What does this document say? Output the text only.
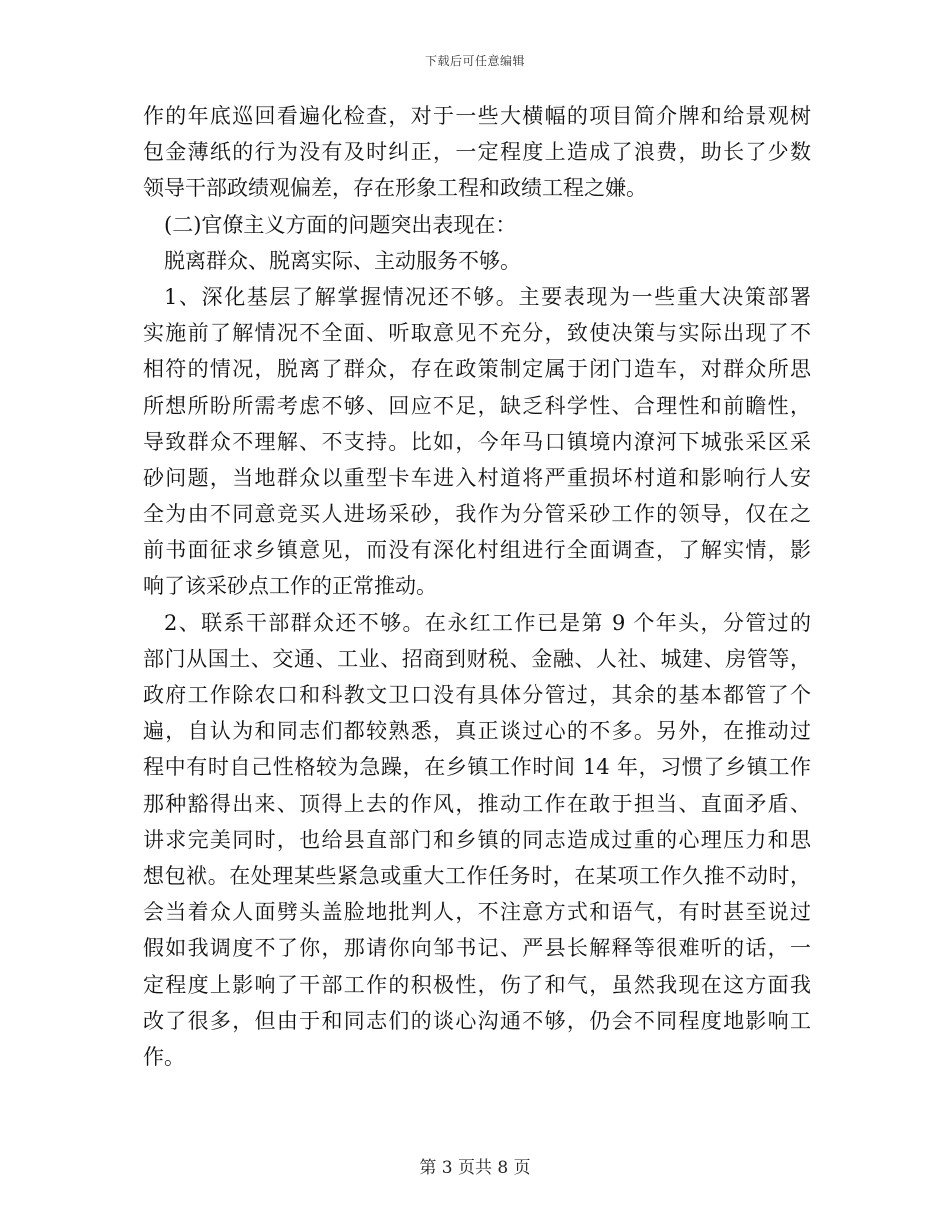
下载后可任意编辑
作的年底巡回看遍化检查，对于一些大横幅的项目简介牌和给景观树
包金薄纸的行为没有及时纠正，一定程度上造成了浪费，助长了少数
领导干部政绩观偏差，存在形象工程和政绩工程之嫌。
(二)官僚主义方面的问题突出表现在：
脱离群众、脱离实际、主动服务不够。
1、深化基层了解掌握情况还不够。主要表现为一些重大决策部署
实施前了解情况不全面、听取意见不充分，致使决策与实际出现了不
相符的情况，脱离了群众，存在政策制定属于闭门造车，对群众所思
所想所盼所需考虑不够、回应不足，缺乏科学性、合理性和前瞻性，
导致群众不理解、不支持。比如，今年马口镇境内潦河下城张采区采
砂问题，当地群众以重型卡车进入村道将严重损坏村道和影响行人安
全为由不同意竞买人进场采砂，我作为分管采砂工作的领导，仅在之
前书面征求乡镇意见，而没有深化村组进行全面调查，了解实情，影
响了该采砂点工作的正常推动。
2、联系干部群众还不够。在永红工作已是第 9 个年头，分管过的
部门从国土、交通、工业、招商到财税、金融、人社、城建、房管等，
政府工作除农口和科教文卫口没有具体分管过，其余的基本都管了个
遍，自认为和同志们都较熟悉，真正谈过心的不多。另外，在推动过
程中有时自己性格较为急躁，在乡镇工作时间 14 年，习惯了乡镇工作
那种豁得出来、顶得上去的作风，推动工作在敢于担当、直面矛盾、
讲求完美同时，也给县直部门和乡镇的同志造成过重的心理压力和思
想包袱。在处理某些紧急或重大工作任务时，在某项工作久推不动时，
会当着众人面劈头盖脸地批判人，不注意方式和语气，有时甚至说过
假如我调度不了你，那请你向邹书记、严县长解释等很难听的话，一
定程度上影响了干部工作的积极性，伤了和气，虽然我现在这方面我
改了很多，但由于和同志们的谈心沟通不够，仍会不同程度地影响工
作。
第 3 页共 8 页
